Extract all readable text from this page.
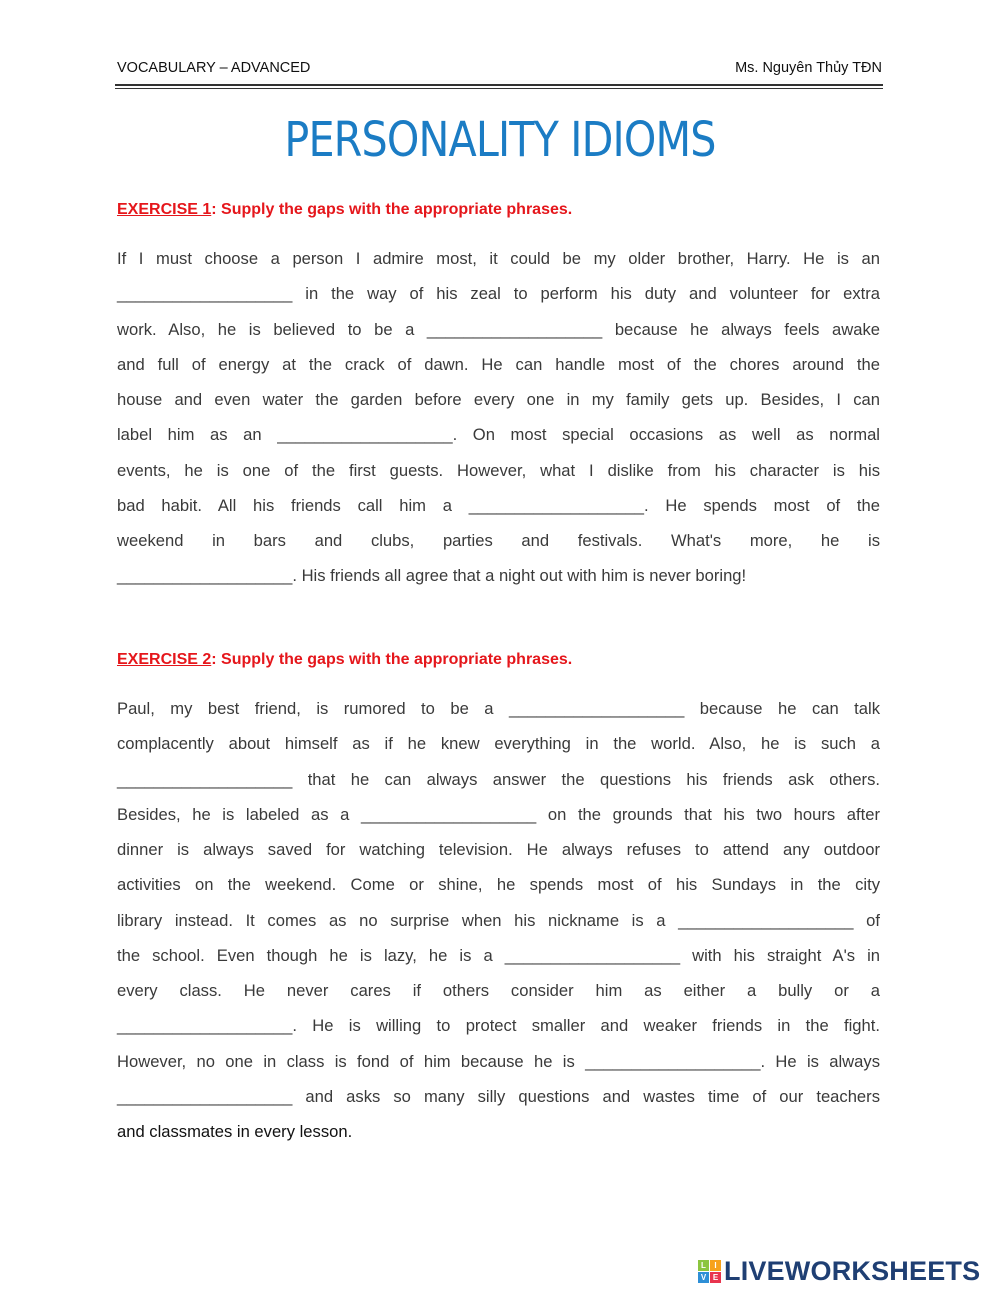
VOCABULARY – ADVANCED	Ms. Nguyên Thủy TĐN
PERSONALITY IDIOMS
EXERCISE 1: Supply the gaps with the appropriate phrases.
If I must choose a person I admire most, it could be my older brother, Harry. He is an
___________________ in the way of his zeal to perform his duty and volunteer for extra
work. Also, he is believed to be a ___________________ because he always feels awake
and full of energy at the crack of dawn. He can handle most of the chores around the
house and even water the garden before every one in my family gets up. Besides, I can
label him as an ___________________. On most special occasions as well as normal
events, he is one of the first guests. However, what I dislike from his character is his
bad habit. All his friends call him a ___________________. He spends most of the
weekend in bars and clubs, parties and festivals. What's more, he is
___________________. His friends all agree that a night out with him is never boring!
EXERCISE 2: Supply the gaps with the appropriate phrases.
Paul, my best friend, is rumored to be a ___________________ because he can talk
complacently about himself as if he knew everything in the world. Also, he is such a
___________________ that he can always answer the questions his friends ask others.
Besides, he is labeled as a ___________________ on the grounds that his two hours after
dinner is always saved for watching television. He always refuses to attend any outdoor
activities on the weekend. Come or shine, he spends most of his Sundays in the city
library instead. It comes as no surprise when his nickname is a ___________________ of
the school. Even though he is lazy, he is a ___________________ with his straight A's in
every class. He never cares if others consider him as either a bully or a
___________________. He is willing to protect smaller and weaker friends in the fight.
However, no one in class is fond of him because he is ___________________. He is always
___________________ and asks so many silly questions and wastes time of our teachers
and classmates in every lesson.
L	I
V E LIVEWORKSHEETS
